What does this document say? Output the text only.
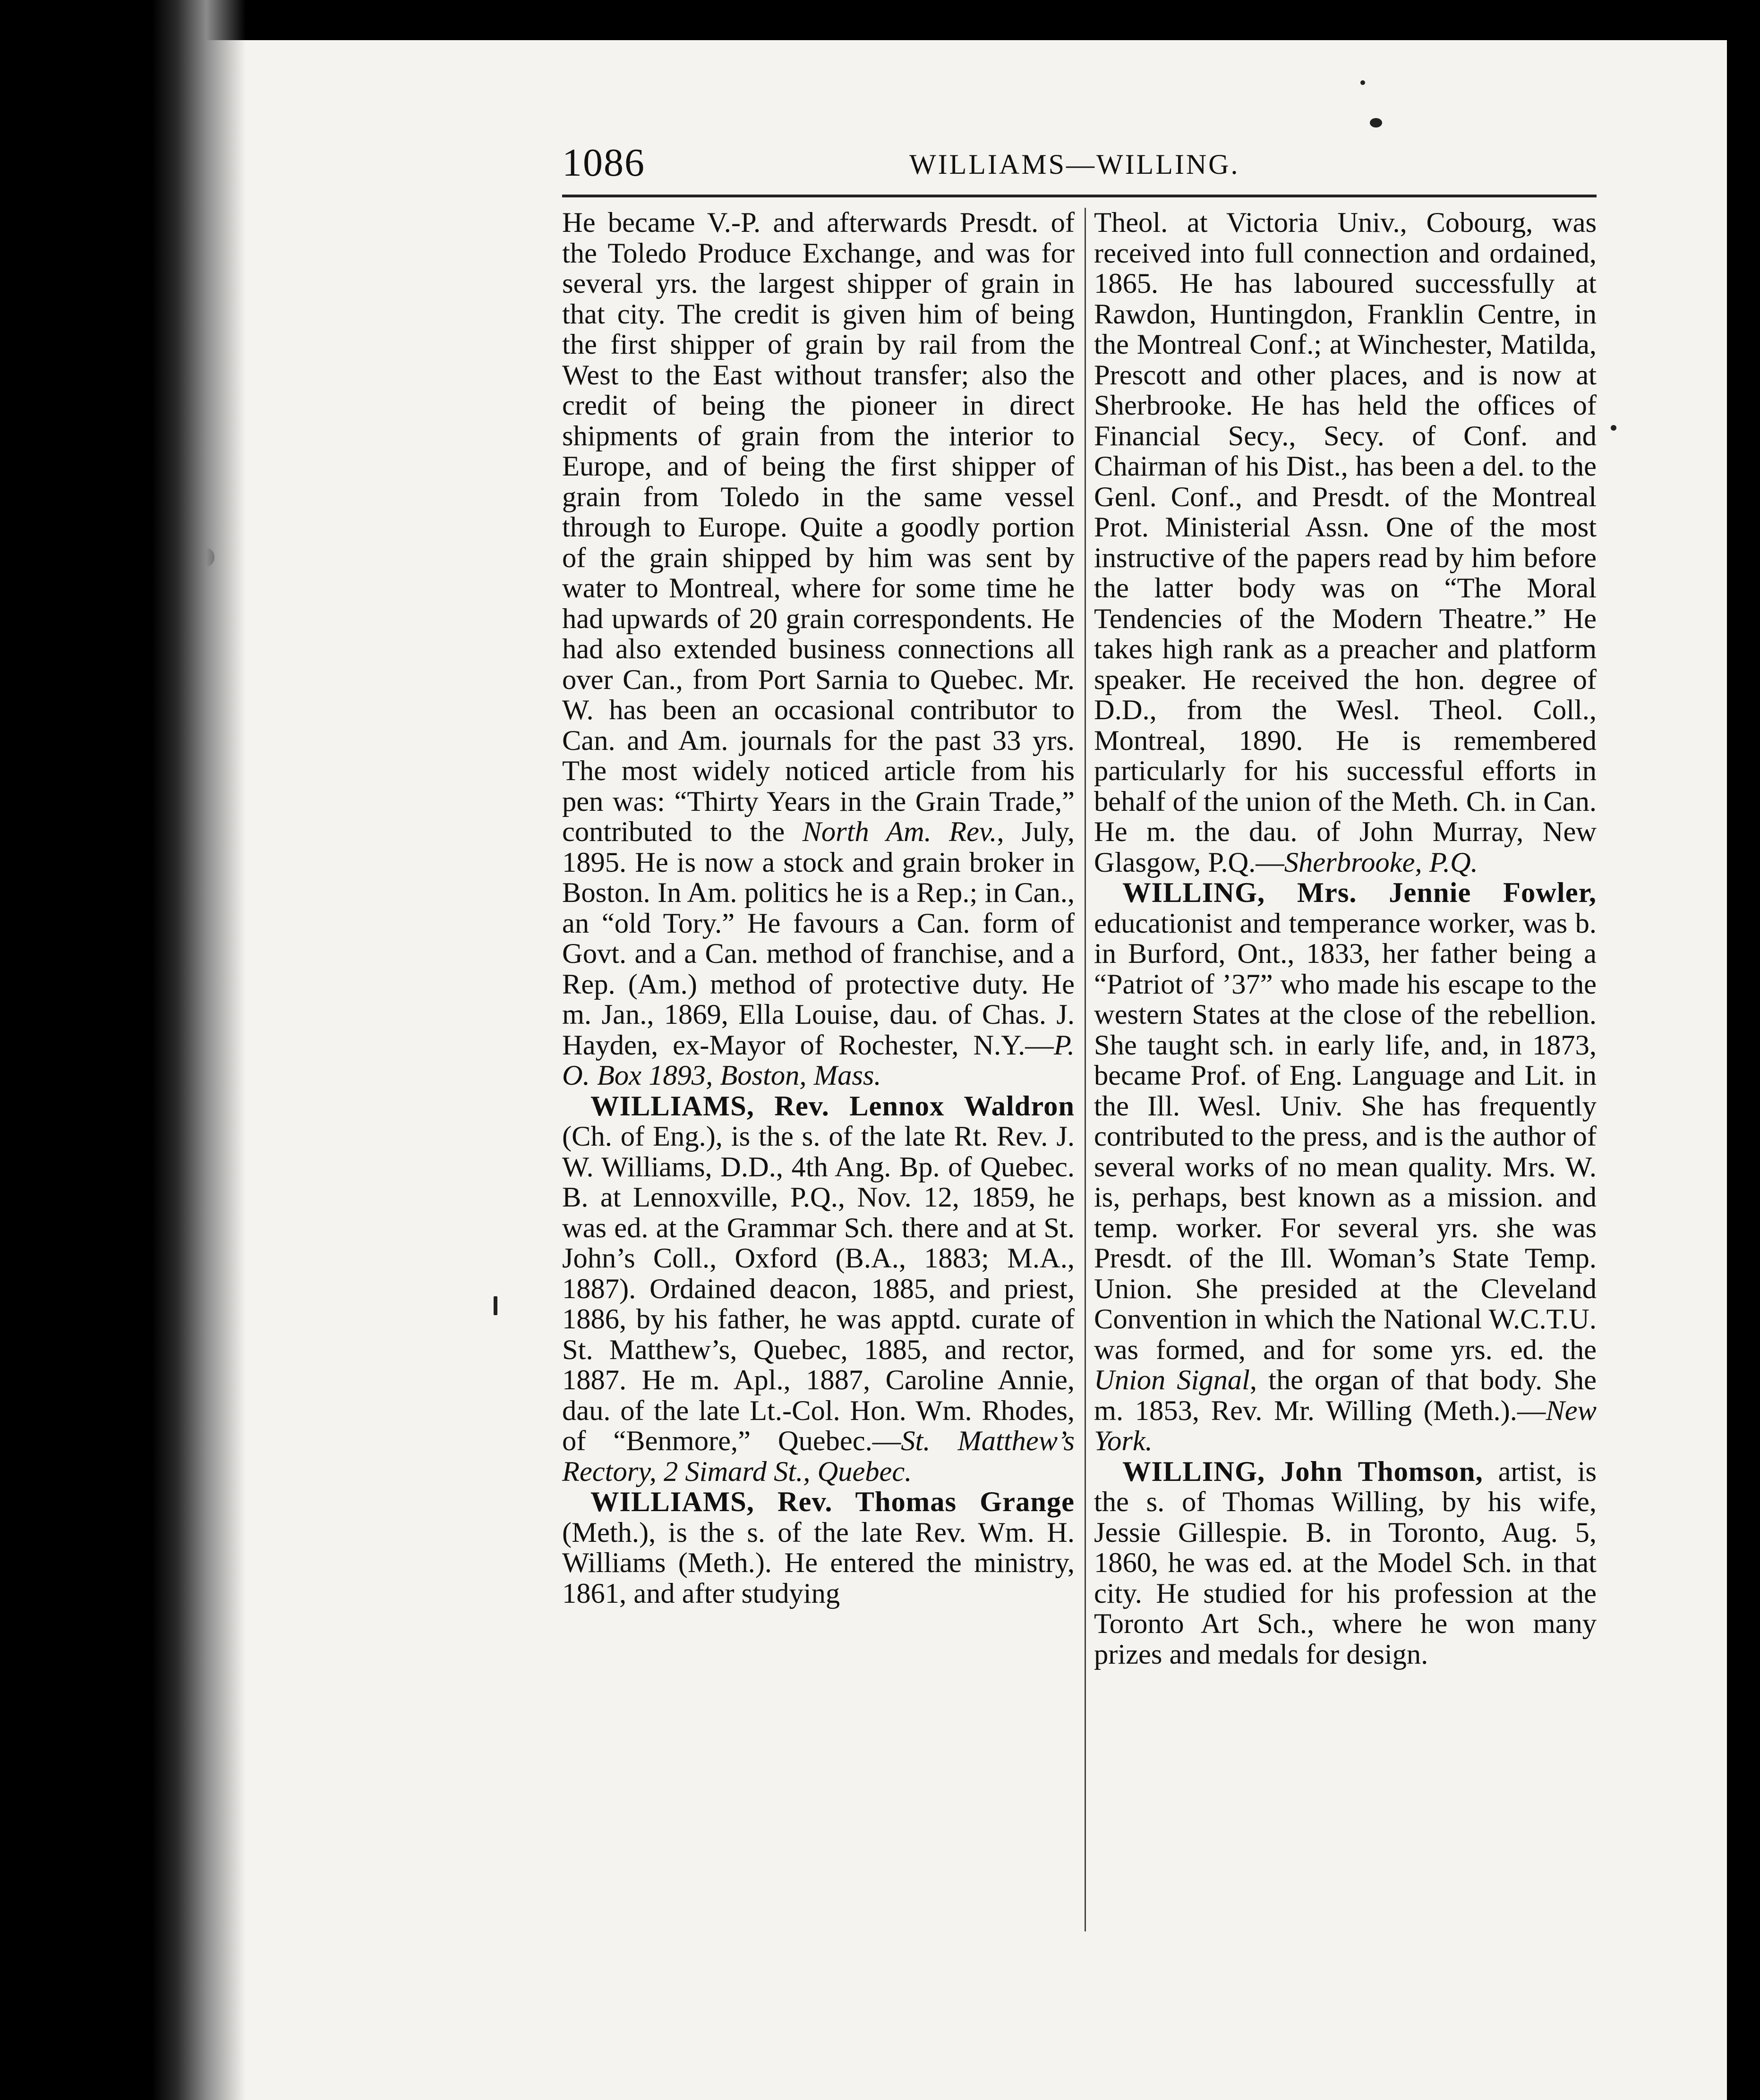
1086	WILLIAMS—WILLING.

He became V.-P. and afterwards Presdt. of the Toledo Produce Exchange, and was for several yrs. the largest shipper of grain in that city. The credit is given him of being the first shipper of grain by rail from the West to the East without transfer; also the credit of being the pioneer in direct shipments of grain from the interior to Europe, and of being the first shipper of grain from Toledo in the same vessel through to Europe. Quite a goodly portion of the grain shipped by him was sent by water to Montreal, where for some time he had upwards of 20 grain correspondents. He had also extended business connections all over Can., from Port Sarnia to Quebec. Mr. W. has been an occasional contributor to Can. and Am. journals for the past 33 yrs. The most widely noticed article from his pen was: “Thirty Years in the Grain Trade,” contributed to the North Am. Rev., July, 1895. He is now a stock and grain broker in Boston. In Am. politics he is a Rep.; in Can., an “old Tory.” He favours a Can. form of Govt. and a Can. method of franchise, and a Rep. (Am.) method of protective duty. He m. Jan., 1869, Ella Louise, dau. of Chas. J. Hayden, ex-Mayor of Rochester, N.Y.—P. O. Box 1893, Boston, Mass.

WILLIAMS, Rev. Lennox Waldron (Ch. of Eng.), is the s. of the late Rt. Rev. J. W. Williams, D.D., 4th Ang. Bp. of Quebec. B. at Lennoxville, P.Q., Nov. 12, 1859, he was ed. at the Grammar Sch. there and at St. John’s Coll., Oxford (B.A., 1883; M.A., 1887). Ordained deacon, 1885, and priest, 1886, by his father, he was apptd. curate of St. Matthew’s, Quebec, 1885, and rector, 1887. He m. Apl., 1887, Caroline Annie, dau. of the late Lt.-Col. Hon. Wm. Rhodes, of “Benmore,” Quebec.—St. Matthew’s Rectory, 2 Simard St., Quebec.

WILLIAMS, Rev. Thomas Grange (Meth.), is the s. of the late Rev. Wm. H. Williams (Meth.). He entered the ministry, 1861, and after studying

Theol. at Victoria Univ., Cobourg, was received into full connection and ordained, 1865. He has laboured successfully at Rawdon, Huntingdon, Franklin Centre, in the Montreal Conf.; at Winchester, Matilda, Prescott and other places, and is now at Sherbrooke. He has held the offices of Financial Secy., Secy. of Conf. and Chairman of his Dist., has been a del. to the Genl. Conf., and Presdt. of the Montreal Prot. Ministerial Assn. One of the most instructive of the papers read by him before the latter body was on “The Moral Tendencies of the Modern Theatre.” He takes high rank as a preacher and platform speaker. He received the hon. degree of D.D., from the Wesl. Theol. Coll., Montreal, 1890. He is remembered particularly for his successful efforts in behalf of the union of the Meth. Ch. in Can. He m. the dau. of John Murray, New Glasgow, P.Q.—Sherbrooke, P.Q.

WILLING, Mrs. Jennie Fowler, educationist and temperance worker, was b. in Burford, Ont., 1833, her father being a “Patriot of ’37” who made his escape to the western States at the close of the rebellion. She taught sch. in early life, and, in 1873, became Prof. of Eng. Language and Lit. in the Ill. Wesl. Univ. She has frequently contributed to the press, and is the author of several works of no mean quality. Mrs. W. is, perhaps, best known as a mission. and temp. worker. For several yrs. she was Presdt. of the Ill. Woman’s State Temp. Union. She presided at the Cleveland Convention in which the National W.C.T.U. was formed, and for some yrs. ed. the Union Signal, the organ of that body. She m. 1853, Rev. Mr. Willing (Meth.).—New York.

WILLING, John Thomson, artist, is the s. of Thomas Willing, by his wife, Jessie Gillespie. B. in Toronto, Aug. 5, 1860, he was ed. at the Model Sch. in that city. He studied for his profession at the Toronto Art Sch., where he won many prizes and medals for design.
